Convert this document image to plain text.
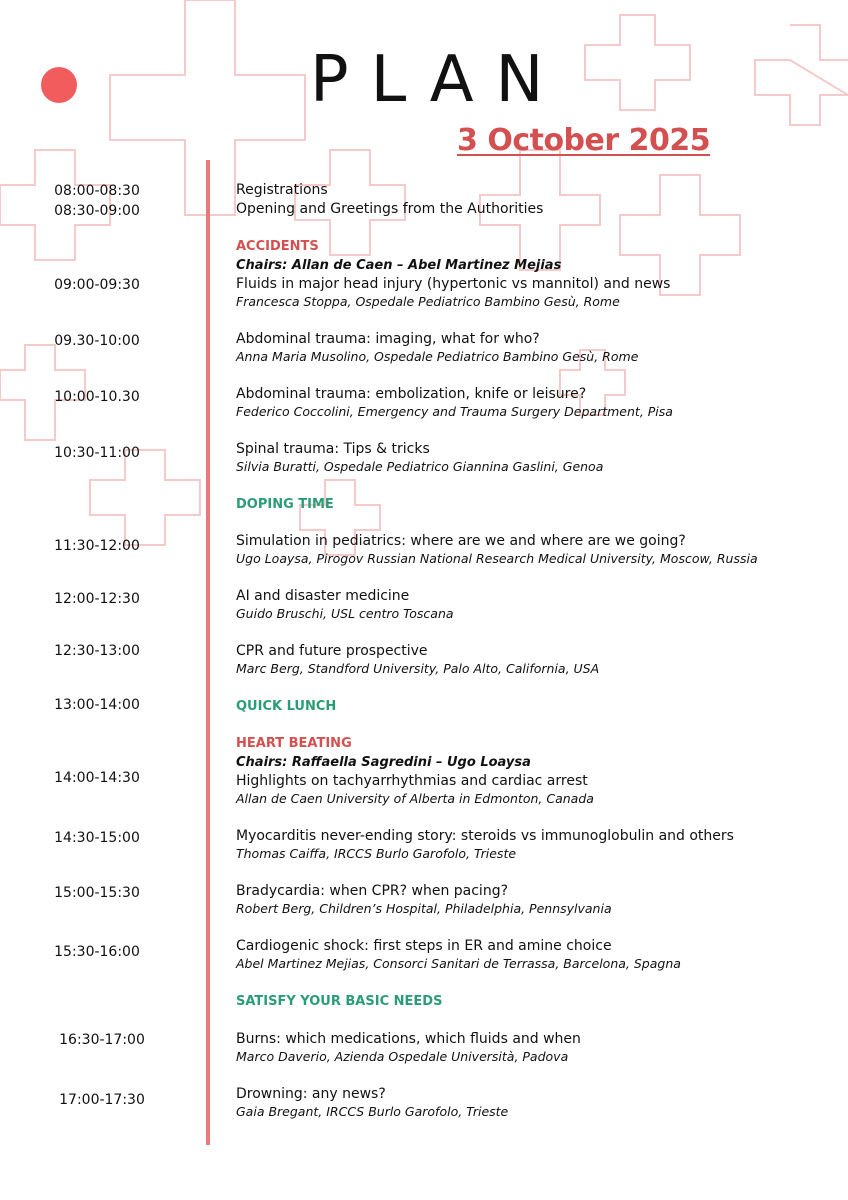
PLAN
3 October 2025
08:00-08:30	Registrations
08:30-09:00	Opening and Greetings from the Authorities
ACCIDENTS
Chairs: Allan de Caen – Abel Martinez Mejias
09:00-09:30	Fluids in major head injury (hypertonic vs mannitol) and news
Francesca Stoppa, Ospedale Pediatrico Bambino Gesù, Rome
09.30-10:00	Abdominal trauma: imaging, what for who?
Anna Maria Musolino, Ospedale Pediatrico Bambino Gesù, Rome
10:00-10.30	Abdominal trauma: embolization, knife or leisure?
Federico Coccolini, Emergency and Trauma Surgery Department, Pisa
10:30-11:00	Spinal trauma: Tips & tricks
Silvia Buratti, Ospedale Pediatrico Giannina Gaslini, Genoa
DOPING TIME
11:30-12:00	Simulation in pediatrics: where are we and where are we going?
Ugo Loaysa, Pirogov Russian National Research Medical University, Moscow, Russia
12:00-12:30	AI and disaster medicine
Guido Bruschi, USL centro Toscana
12:30-13:00	CPR and future prospective
Marc Berg, Standford University, Palo Alto, California, USA
13:00-14:00	QUICK LUNCH
HEART BEATING
Chairs: Raffaella Sagredini – Ugo Loaysa
14:00-14:30	Highlights on tachyarrhythmias and cardiac arrest
Allan de Caen University of Alberta in Edmonton, Canada
14:30-15:00	Myocarditis never-ending story: steroids vs immunoglobulin and others
Thomas Caiffa, IRCCS Burlo Garofolo, Trieste
15:00-15:30	Bradycardia: when CPR? when pacing?
Robert Berg, Children’s Hospital, Philadelphia, Pennsylvania
15:30-16:00	Cardiogenic shock: first steps in ER and amine choice
Abel Martinez Mejias, Consorci Sanitari de Terrassa, Barcelona, Spagna
SATISFY YOUR BASIC NEEDS
16:30-17:00	Burns: which medications, which fluids and when
Marco Daverio, Azienda Ospedale Università, Padova
17:00-17:30	Drowning: any news?
Gaia Bregant, IRCCS Burlo Garofolo, Trieste
